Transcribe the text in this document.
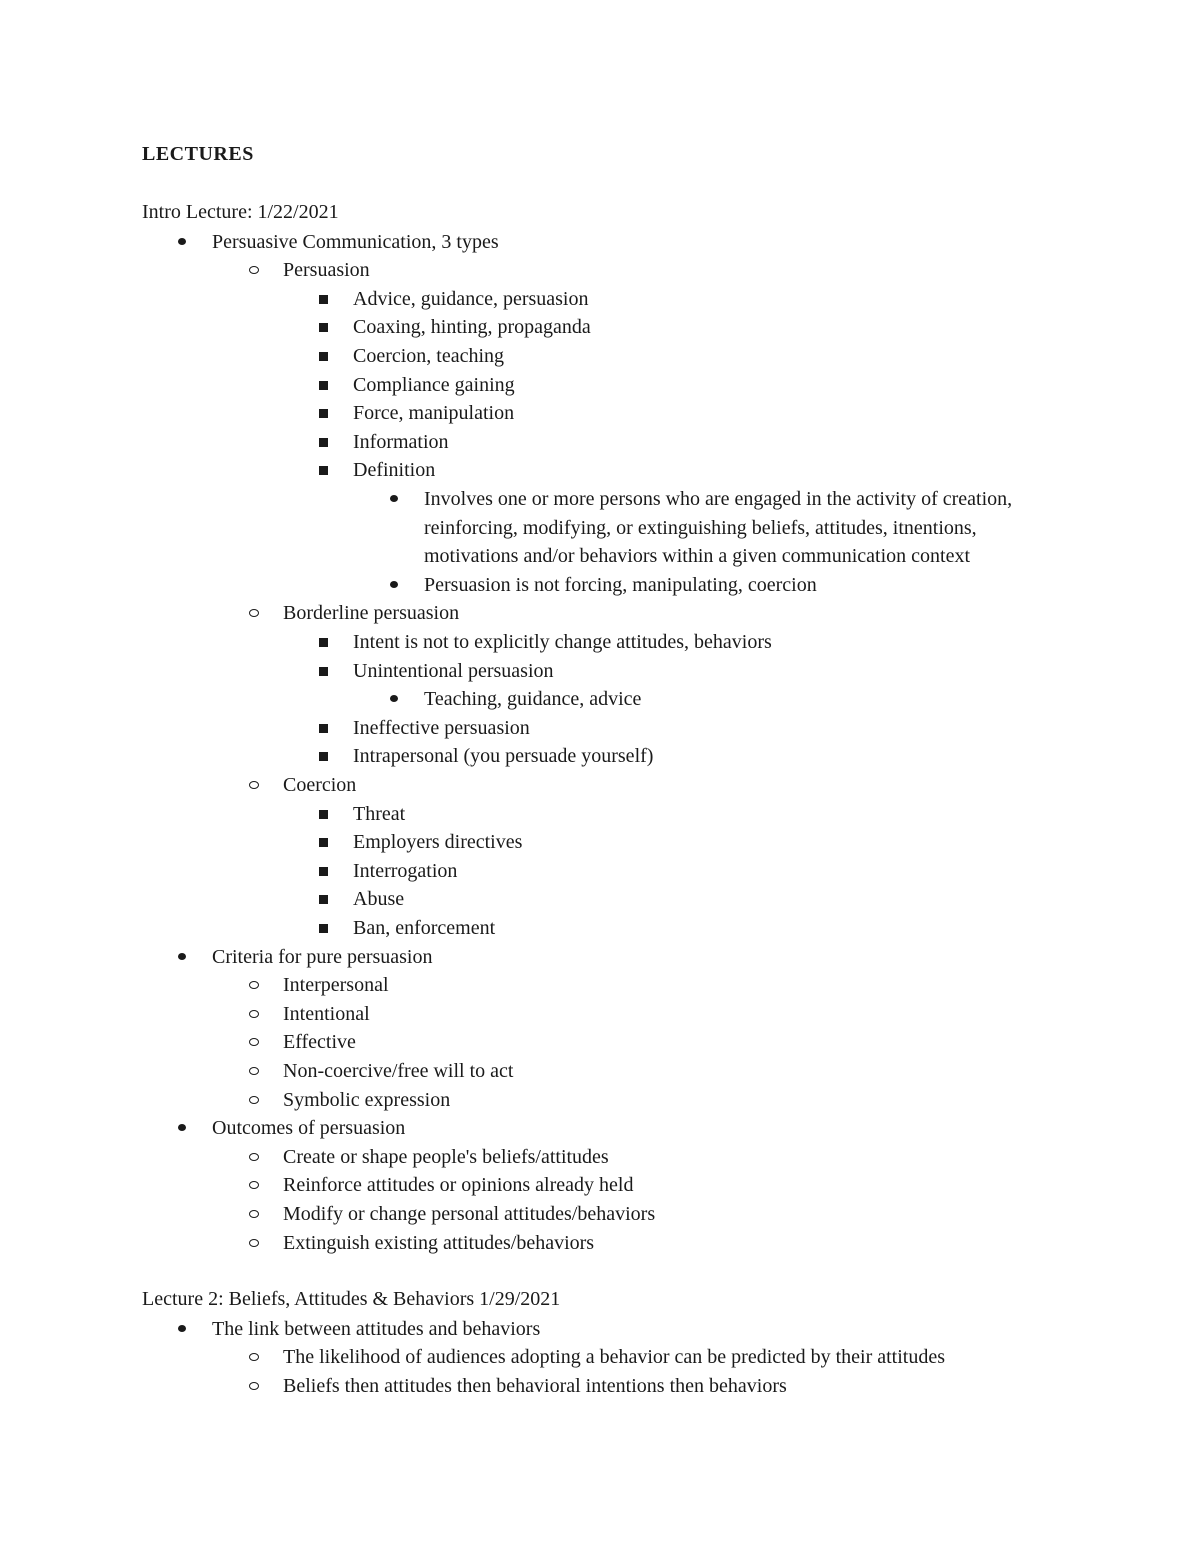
LECTURES
Intro Lecture: 1/22/2021
Persuasive Communication, 3 types
Persuasion
Advice, guidance, persuasion
Coaxing, hinting, propaganda
Coercion, teaching
Compliance gaining
Force, manipulation
Information
Definition
Involves one or more persons who are engaged in the activity of creation,
reinforcing, modifying, or extinguishing beliefs, attitudes, itnentions,
motivations and/or behaviors within a given communication context
Persuasion is not forcing, manipulating, coercion
Borderline persuasion
Intent is not to explicitly change attitudes, behaviors
Unintentional persuasion
Teaching, guidance, advice
Ineffective persuasion
Intrapersonal (you persuade yourself)
Coercion
Threat
Employers directives
Interrogation
Abuse
Ban, enforcement
Criteria for pure persuasion
Interpersonal
Intentional
Effective
Non-coercive/free will to act
Symbolic expression
Outcomes of persuasion
Create or shape people's beliefs/attitudes
Reinforce attitudes or opinions already held
Modify or change personal attitudes/behaviors
Extinguish existing attitudes/behaviors
Lecture 2: Beliefs, Attitudes & Behaviors 1/29/2021
The link between attitudes and behaviors
The likelihood of audiences adopting a behavior can be predicted by their attitudes
Beliefs then attitudes then behavioral intentions then behaviors
